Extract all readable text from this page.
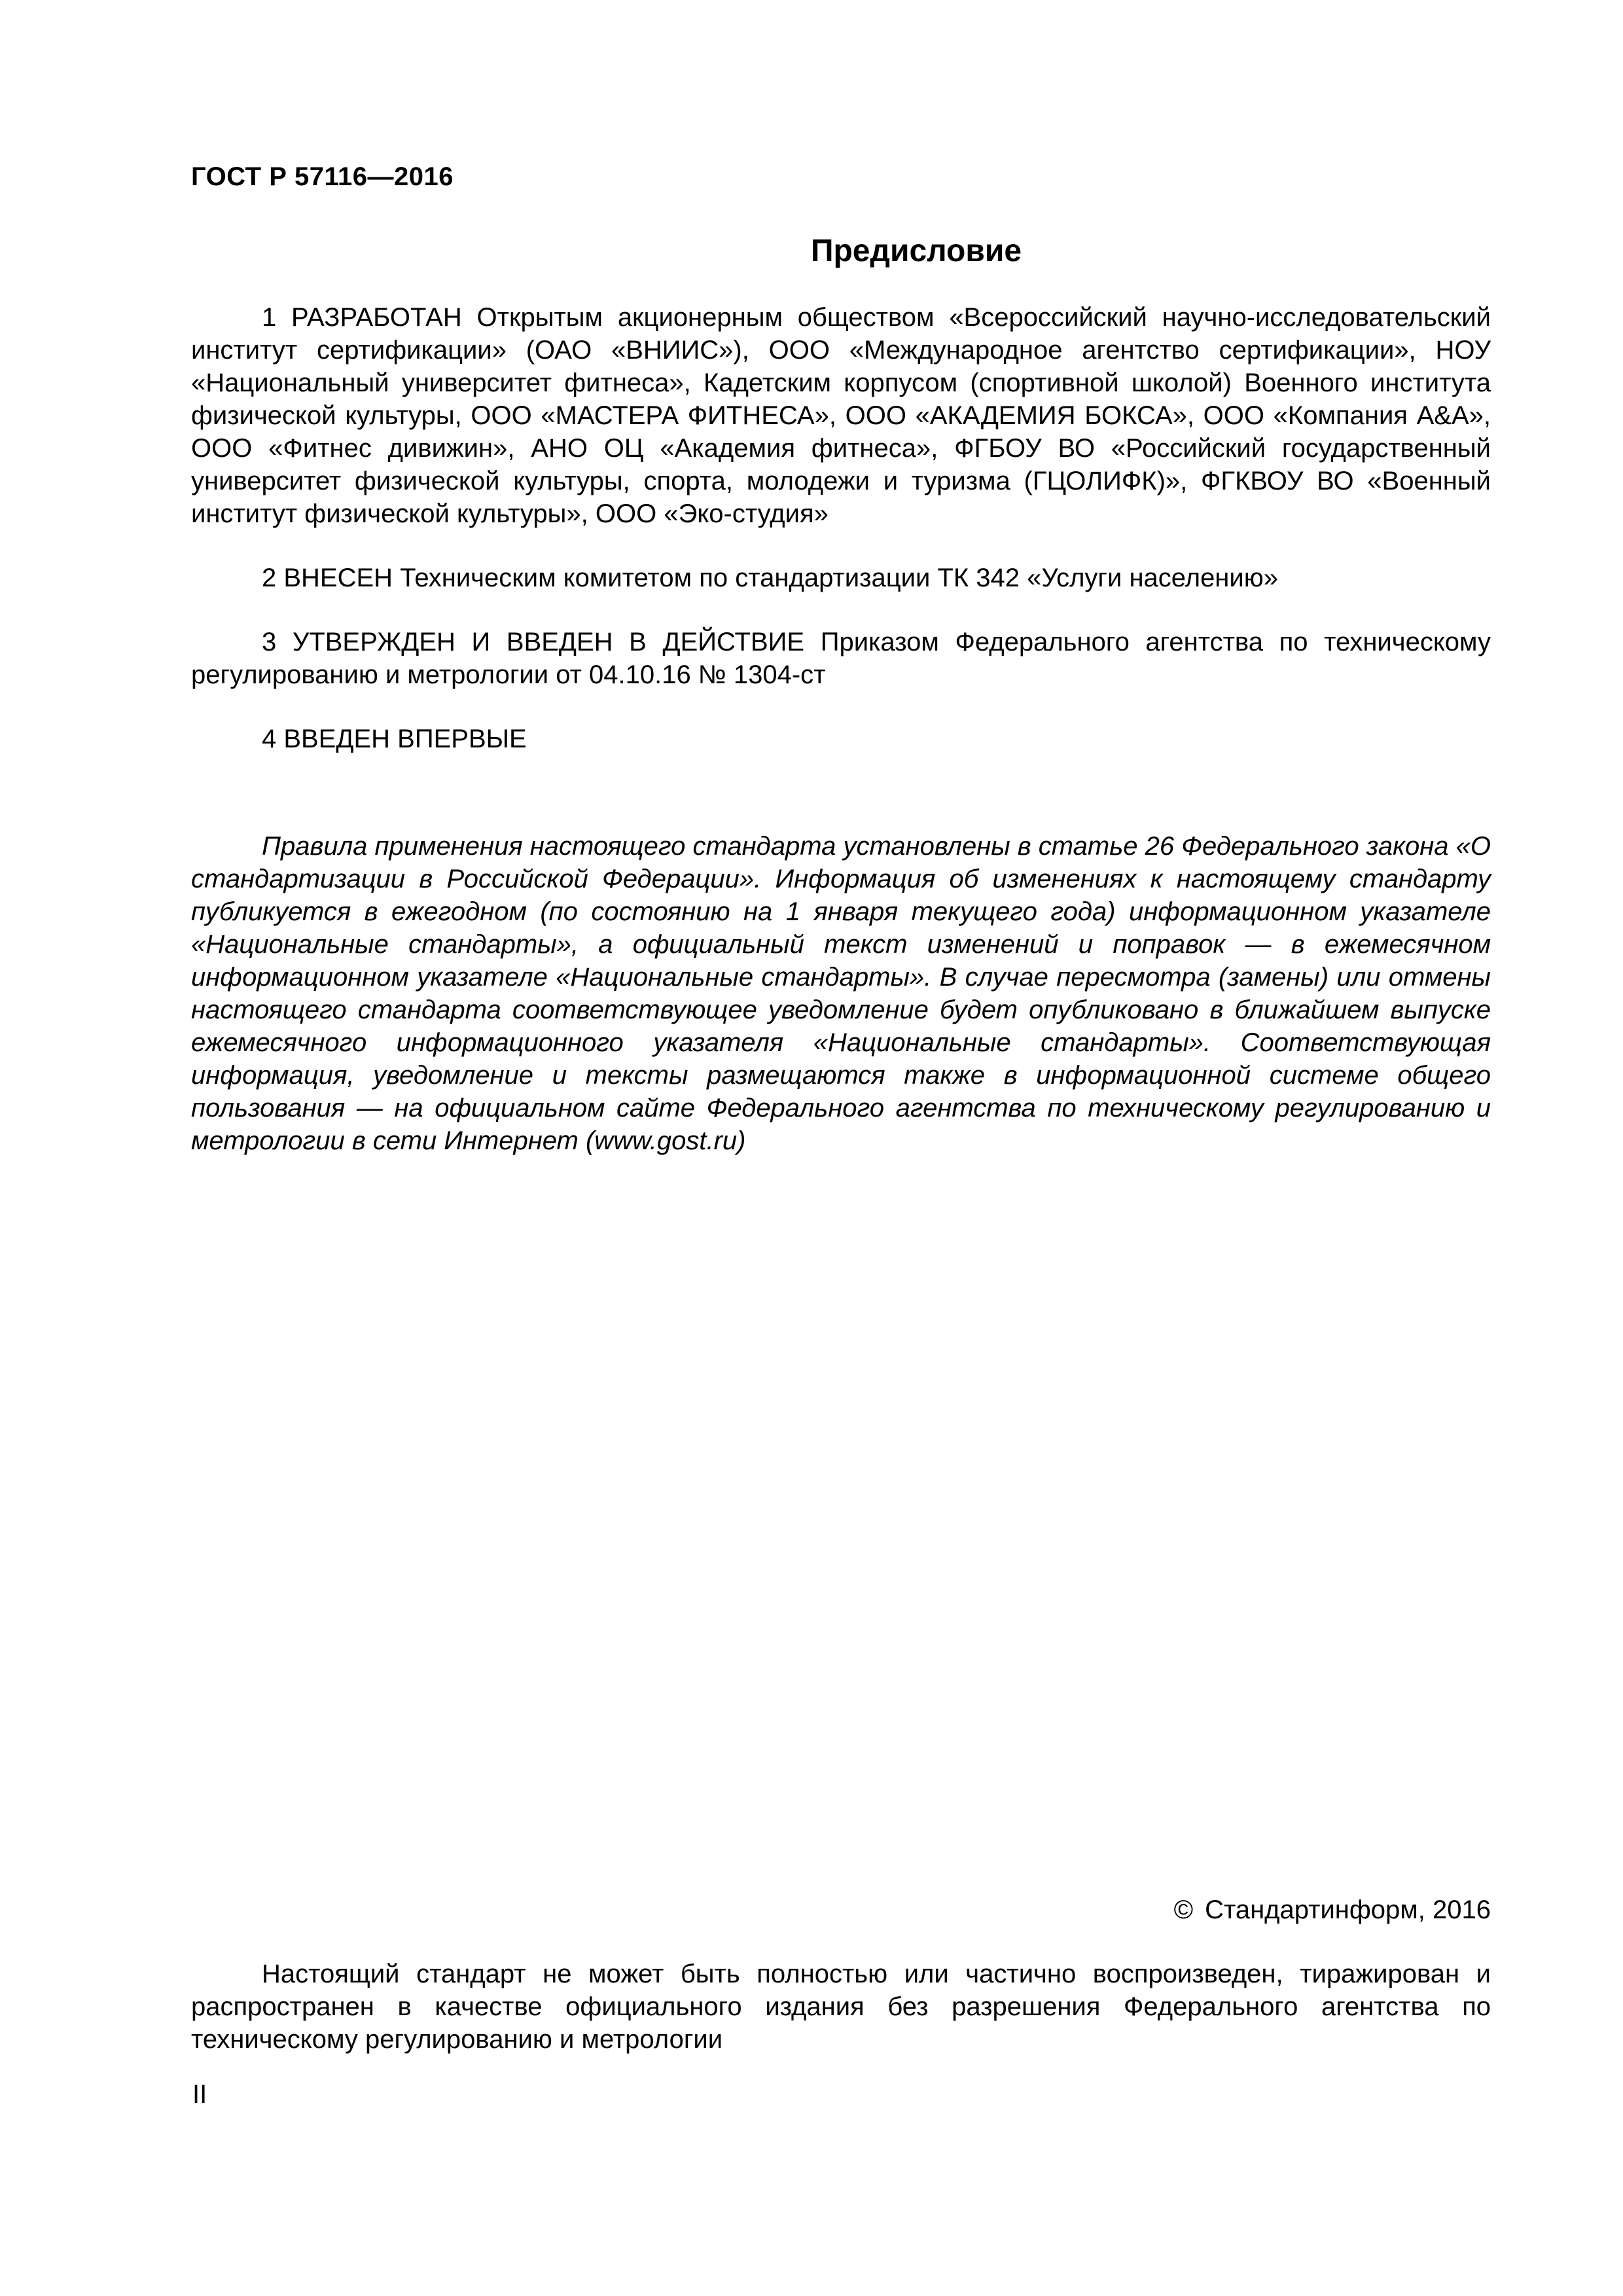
ГОСТ Р 57116—2016
Предисловие

1 РАЗРАБОТАН Открытым акционерным обществом «Всероссийский научно-исследовательский институт сертификации» (ОАО «ВНИИС»), ООО «Международное агентство сертификации», НОУ «Национальный университет фитнеса», Кадетским корпусом (спортивной школой) Военного института физической культуры, ООО «МАСТЕРА ФИТНЕСА», ООО «АКАДЕМИЯ БОКСА», ООО «Компания А&А», ООО «Фитнес дивижин», АНО ОЦ «Академия фитнеса», ФГБОУ ВО «Российский государственный университет физической культуры, спорта, молодежи и туризма (ГЦОЛИФК)», ФГКВОУ ВО «Военный институт физической культуры», ООО «Эко-студия»

2 ВНЕСЕН Техническим комитетом по стандартизации ТК 342 «Услуги населению»

3 УТВЕРЖДЕН И ВВЕДЕН В ДЕЙСТВИЕ Приказом Федерального агентства по техническому регулированию и метрологии от 04.10.16 № 1304-ст

4 ВВЕДЕН ВПЕРВЫЕ

Правила применения настоящего стандарта установлены в статье 26 Федерального закона «О стандартизации в Российской Федерации». Информация об изменениях к настоящему стандарту публикуется в ежегодном (по состоянию на 1 января текущего года) информационном указателе «Национальные стандарты», а официальный текст изменений и поправок — в ежемесячном информационном указателе «Национальные стандарты». В случае пересмотра (замены) или отмены настоящего стандарта соответствующее уведомление будет опубликовано в ближайшем выпуске ежемесячного информационного указателя «Национальные стандарты». Соответствующая информация, уведомление и тексты размещаются также в информационной системе общего пользования — на официальном сайте Федерального агентства по техническому регулированию и метрологии в сети Интернет (www.gost.ru)

© Стандартинформ, 2016

Настоящий стандарт не может быть полностью или частично воспроизведен, тиражирован и распространен в качестве официального издания без разрешения Федерального агентства по техническому регулированию и метрологии

II
